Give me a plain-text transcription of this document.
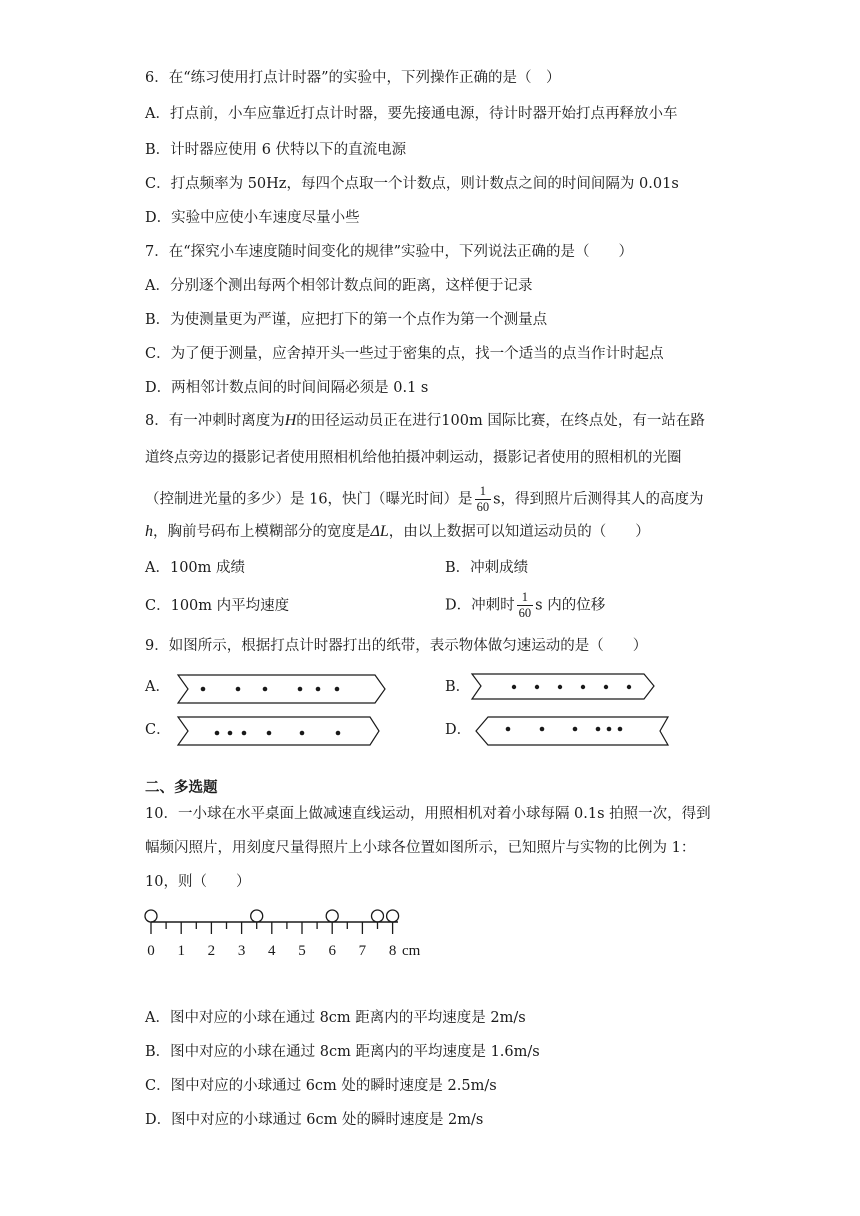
6．在“练习使用打点计时器”的实验中，下列操作正确的是（　）
A．打点前，小车应靠近打点计时器，要先接通电源，待计时器开始打点再释放小车
B．计时器应使用 6 伏特以下的直流电源
C．打点频率为 50Hz，每四个点取一个计数点，则计数点之间的时间间隔为 0.01s
D．实验中应使小车速度尽量小些
7．在“探究小车速度随时间变化的规律”实验中，下列说法正确的是（　　）
A．分别逐个测出每两个相邻计数点间的距离，这样便于记录
B．为使测量更为严谨，应把打下的第一个点作为第一个测量点
C．为了便于测量，应舍掉开头一些过于密集的点，找一个适当的点当作计时起点
D．两相邻计数点间的时间间隔必须是 0.1 s
8．有一冲刺时离度为H的田径运动员正在进行100m 国际比赛，在终点处，有一站在路
道终点旁边的摄影记者使用照相机给他拍摄冲刺运动，摄影记者使用的照相机的光圈
（控制进光量的多少）是 16，快门（曝光时间）是 $\frac{1}{60}$ s，得到照片后测得其人的高度为
h，胸前号码布上模糊部分的宽度是ΔL，由以上数据可以知道运动员的（　　）
A．100m 成绩	B．冲刺成绩
C．100m 内平均速度	D．冲刺时 $\frac{1}{60}$ s 内的位移
9．如图所示，根据打点计时器打出的纸带，表示物体做匀速运动的是（　　）
A．	B．
C．	D．
二、多选题
10．一小球在水平桌面上做减速直线运动，用照相机对着小球每隔 0.1s 拍照一次，得到
幅频闪照片，用刻度尺量得照片上小球各位置如图所示，已知照片与实物的比例为 1：
10，则（　　）
0 1 2 3 4 5 6 7 8 cm
A．图中对应的小球在通过 8cm 距离内的平均速度是 2m/s
B．图中对应的小球在通过 8cm 距离内的平均速度是 1.6m/s
C．图中对应的小球通过 6cm 处的瞬时速度是 2.5m/s
D．图中对应的小球通过 6cm 处的瞬时速度是 2m/s
